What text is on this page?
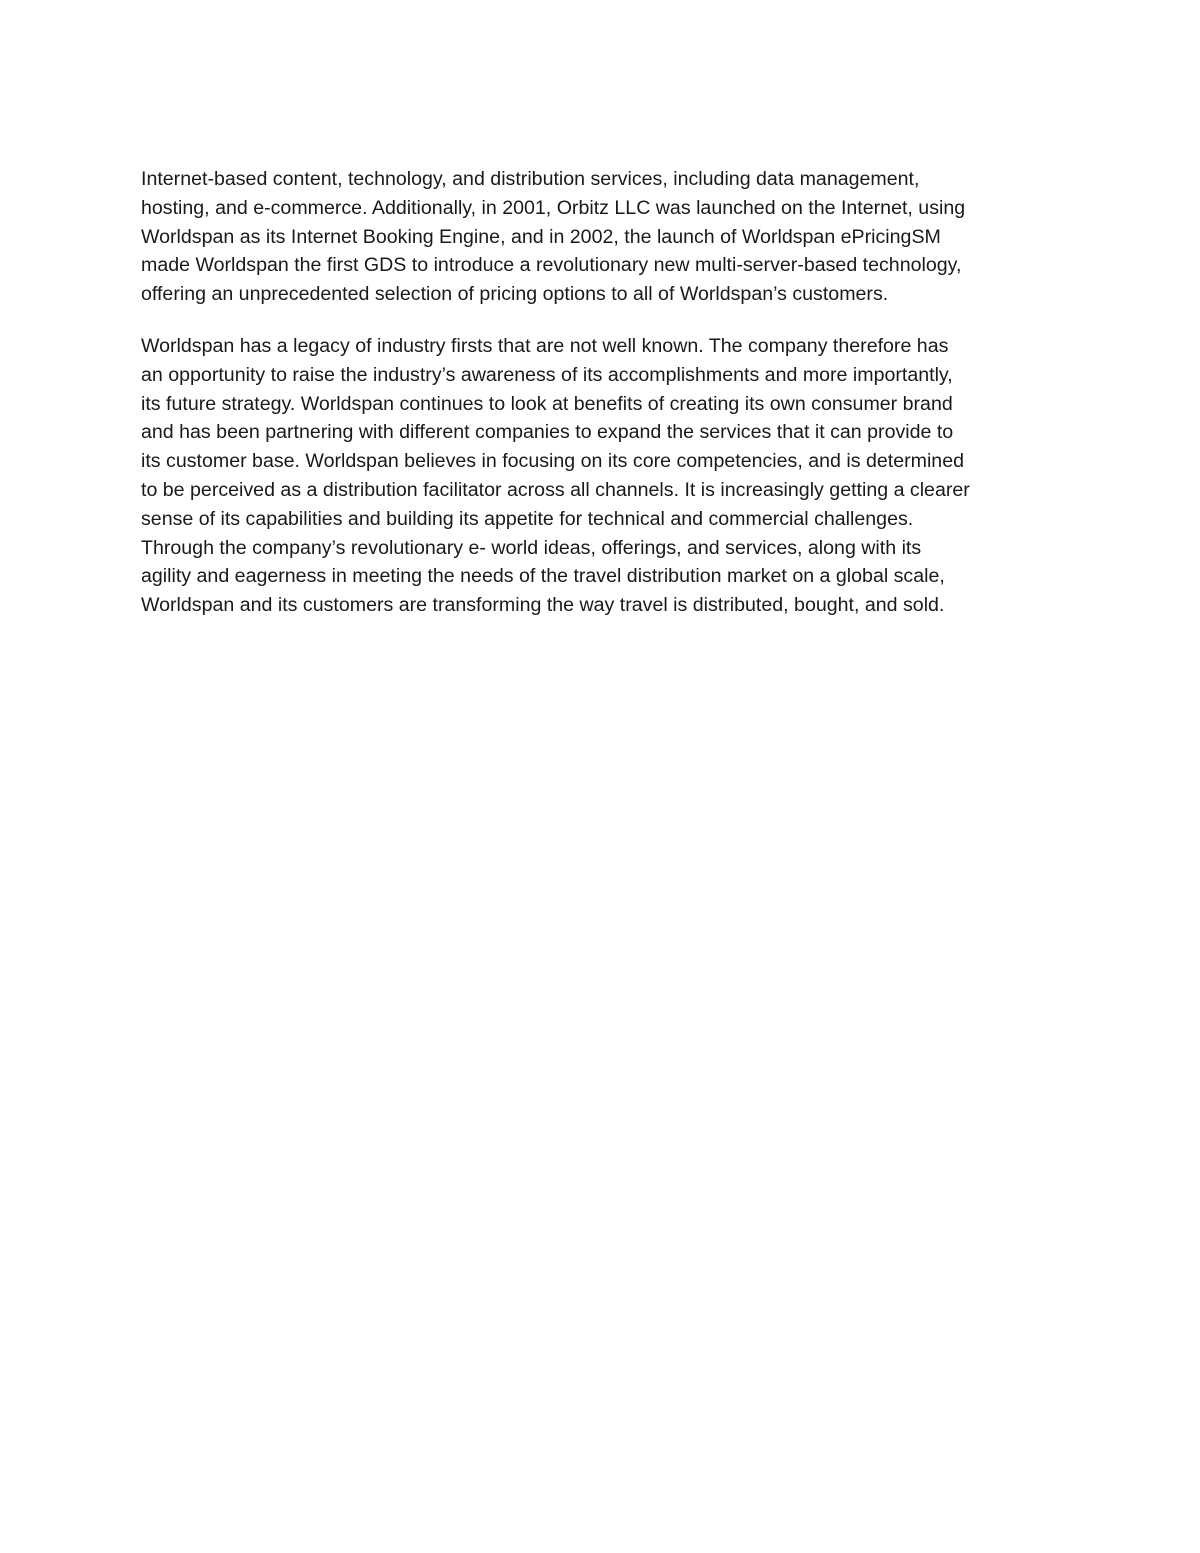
Internet-based content, technology, and distribution services, including data management,
hosting, and e-commerce. Additionally, in 2001, Orbitz LLC was launched on the Internet, using
Worldspan as its Internet Booking Engine, and in 2002, the launch of Worldspan ePricingSM
made Worldspan the first GDS to introduce a revolutionary new multi-server-based technology,
offering an unprecedented selection of pricing options to all of Worldspan’s customers.

Worldspan has a legacy of industry firsts that are not well known. The company therefore has
an opportunity to raise the industry’s awareness of its accomplishments and more importantly,
its future strategy. Worldspan continues to look at benefits of creating its own consumer brand
and has been partnering with different companies to expand the services that it can provide to
its customer base. Worldspan believes in focusing on its core competencies, and is determined
to be perceived as a distribution facilitator across all channels. It is increasingly getting a clearer
sense of its capabilities and building its appetite for technical and commercial challenges.
Through the company’s revolutionary e- world ideas, offerings, and services, along with its
agility and eagerness in meeting the needs of the travel distribution market on a global scale,
Worldspan and its customers are transforming the way travel is distributed, bought, and sold.
